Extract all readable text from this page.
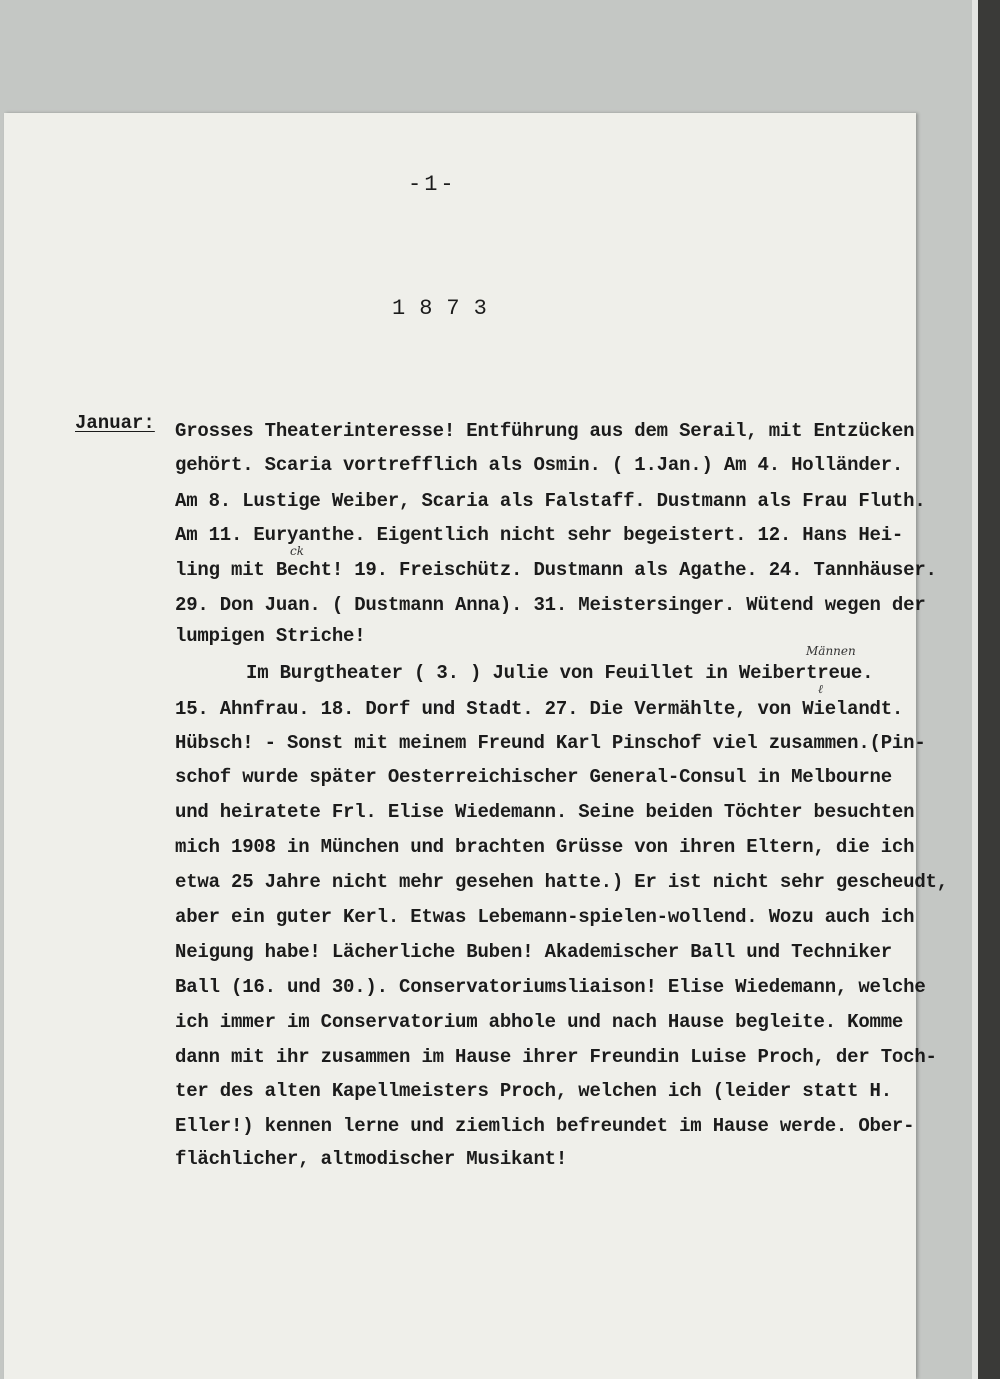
-1-
1873
Januar: Grosses Theaterinteresse! Entführung aus dem Serail, mit Entzücken
gehört. Scaria vortrefflich als Osmin. ( 1.Jan.) Am 4. Holländer.
Am 8. Lustige Weiber, Scaria als Falstaff. Dustmann als Frau Fluth.
Am 11. Euryanthe. Eigentlich nicht sehr begeistert. 12. Hans Hei-
ling mit Becht! 19. Freischütz. Dustmann als Agathe. 24. Tannhäuser.
29. Don Juan. ( Dustmann Anna). 31. Meistersinger. Wütend wegen der
lumpigen Striche!
Im Burgtheater ( 3. ) Julie von Feuillet in Weibertreue.
15. Ahnfrau. 18. Dorf und Stadt. 27. Die Vermählte, von Wielandt.
Hübsch! - Sonst mit meinem Freund Karl Pinschof viel zusammen.(Pin-
schof wurde später Oesterreichischer General-Consul in Melbourne
und heiratete Frl. Elise Wiedemann. Seine beiden Töchter besuchten
mich 1908 in München und brachten Grüsse von ihren Eltern, die ich
etwa 25 Jahre nicht mehr gesehen hatte.) Er ist nicht sehr gescheudt,
aber ein guter Kerl. Etwas Lebemann-spielen-wollend. Wozu auch ich
Neigung habe! Lächerliche Buben! Akademischer Ball und Techniker
Ball (16. und 30.). Conservatoriumsliaison! Elise Wiedemann, welche
ich immer im Conservatorium abhole und nach Hause begleite. Komme
dann mit ihr zusammen im Hause ihrer Freundin Luise Proch, der Toch-
ter des alten Kapellmeisters Proch, welchen ich (leider statt H.
Eller!) kennen lerne und ziemlich befreundet im Hause werde. Ober-
flächlicher, altmodischer Musikant!
ck
Männen
ℓ
